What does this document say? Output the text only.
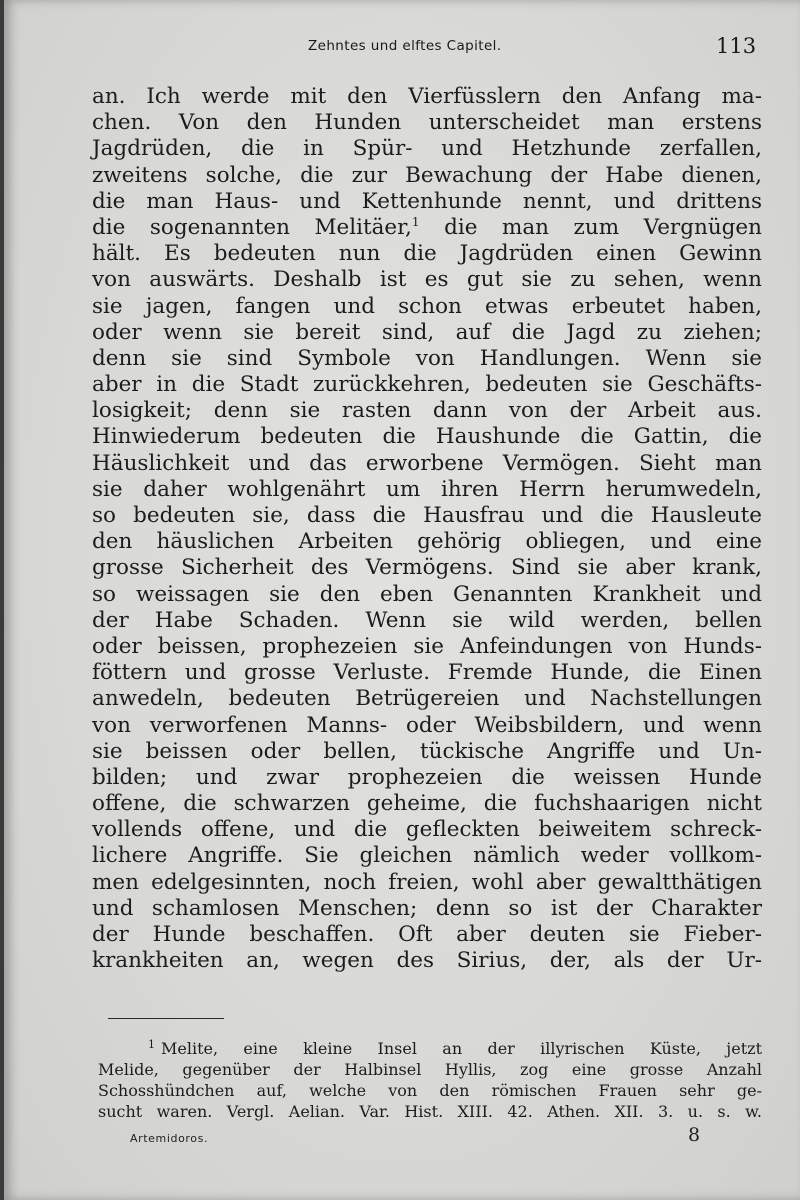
Zehntes und elftes Capitel.	113
an. Ich werde mit den Vierfüsslern den Anfang ma-
chen. Von den Hunden unterscheidet man erstens
Jagdrüden, die in Spür- und Hetzhunde zerfallen,
zweitens solche, die zur Bewachung der Habe dienen,
die man Haus- und Kettenhunde nennt, und drittens
die sogenannten Melitäer,$^1$ die man zum Vergnügen
hält. Es bedeuten nun die Jagdrüden einen Gewinn
von auswärts. Deshalb ist es gut sie zu sehen, wenn
sie jagen, fangen und schon etwas erbeutet haben,
oder wenn sie bereit sind, auf die Jagd zu ziehen;
denn sie sind Symbole von Handlungen. Wenn sie
aber in die Stadt zurückkehren, bedeuten sie Geschäfts-
losigkeit; denn sie rasten dann von der Arbeit aus.
Hinwiederum bedeuten die Haushunde die Gattin, die
Häuslichkeit und das erworbene Vermögen. Sieht man
sie daher wohlgenährt um ihren Herrn herumwedeln,
so bedeuten sie, dass die Hausfrau und die Hausleute
den häuslichen Arbeiten gehörig obliegen, und eine
grosse Sicherheit des Vermögens. Sind sie aber krank,
so weissagen sie den eben Genannten Krankheit und
der Habe Schaden. Wenn sie wild werden, bellen
oder beissen, prophezeien sie Anfeindungen von Hunds-
föttern und grosse Verluste. Fremde Hunde, die Einen
anwedeln, bedeuten Betrügereien und Nachstellungen
von verworfenen Manns- oder Weibsbildern, und wenn
sie beissen oder bellen, tückische Angriffe und Un-
bilden; und zwar prophezeien die weissen Hunde
offene, die schwarzen geheime, die fuchshaarigen nicht
vollends offene, und die gefleckten beiweitem schreck-
lichere Angriffe. Sie gleichen nämlich weder vollkom-
men edelgesinnten, noch freien, wohl aber gewaltthätigen
und schamlosen Menschen; denn so ist der Charakter
der Hunde beschaffen. Oft aber deuten sie Fieber-
krankheiten an, wegen des Sirius, der, als der Ur-
$^1$ Melite, eine kleine Insel an der illyrischen Küste, jetzt
Melide, gegenüber der Halbinsel Hyllis, zog eine grosse Anzahl
Schosshündchen auf, welche von den römischen Frauen sehr ge-
sucht waren. Vergl. Aelian. Var. Hist. XIII. 42. Athen. XII. 3. u. s. w.
Artemidoros.	8
